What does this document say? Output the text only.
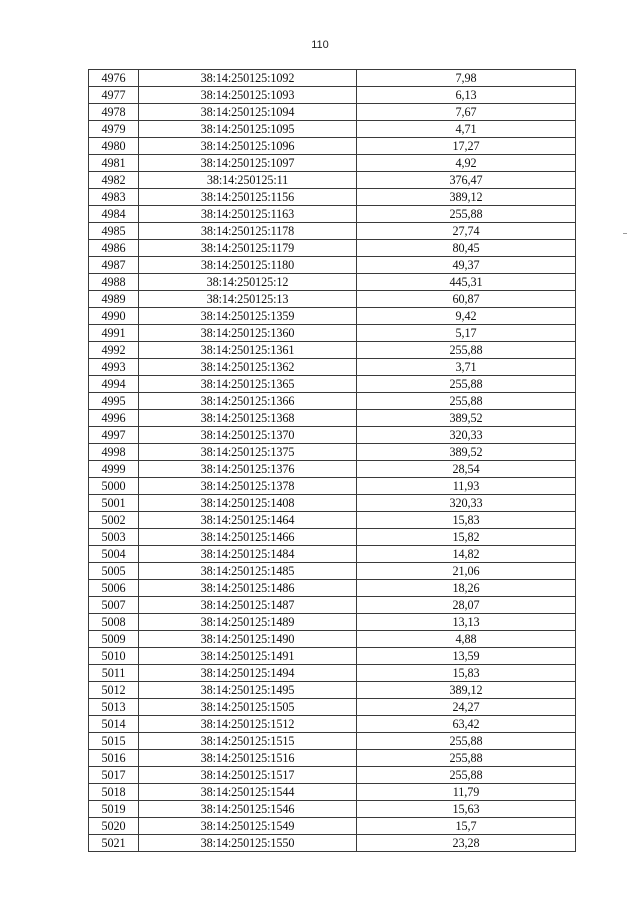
110
4976	38:14:250125:1092	7,98
4977	38:14:250125:1093	6,13
4978	38:14:250125:1094	7,67
4979	38:14:250125:1095	4,71
4980	38:14:250125:1096	17,27
4981	38:14:250125:1097	4,92
4982	38:14:250125:11	376,47
4983	38:14:250125:1156	389,12
4984	38:14:250125:1163	255,88
4985	38:14:250125:1178	27,74
4986	38:14:250125:1179	80,45
4987	38:14:250125:1180	49,37
4988	38:14:250125:12	445,31
4989	38:14:250125:13	60,87
4990	38:14:250125:1359	9,42
4991	38:14:250125:1360	5,17
4992	38:14:250125:1361	255,88
4993	38:14:250125:1362	3,71
4994	38:14:250125:1365	255,88
4995	38:14:250125:1366	255,88
4996	38:14:250125:1368	389,52
4997	38:14:250125:1370	320,33
4998	38:14:250125:1375	389,52
4999	38:14:250125:1376	28,54
5000	38:14:250125:1378	11,93
5001	38:14:250125:1408	320,33
5002	38:14:250125:1464	15,83
5003	38:14:250125:1466	15,82
5004	38:14:250125:1484	14,82
5005	38:14:250125:1485	21,06
5006	38:14:250125:1486	18,26
5007	38:14:250125:1487	28,07
5008	38:14:250125:1489	13,13
5009	38:14:250125:1490	4,88
5010	38:14:250125:1491	13,59
5011	38:14:250125:1494	15,83
5012	38:14:250125:1495	389,12
5013	38:14:250125:1505	24,27
5014	38:14:250125:1512	63,42
5015	38:14:250125:1515	255,88
5016	38:14:250125:1516	255,88
5017	38:14:250125:1517	255,88
5018	38:14:250125:1544	11,79
5019	38:14:250125:1546	15,63
5020	38:14:250125:1549	15,7
5021	38:14:250125:1550	23,28
